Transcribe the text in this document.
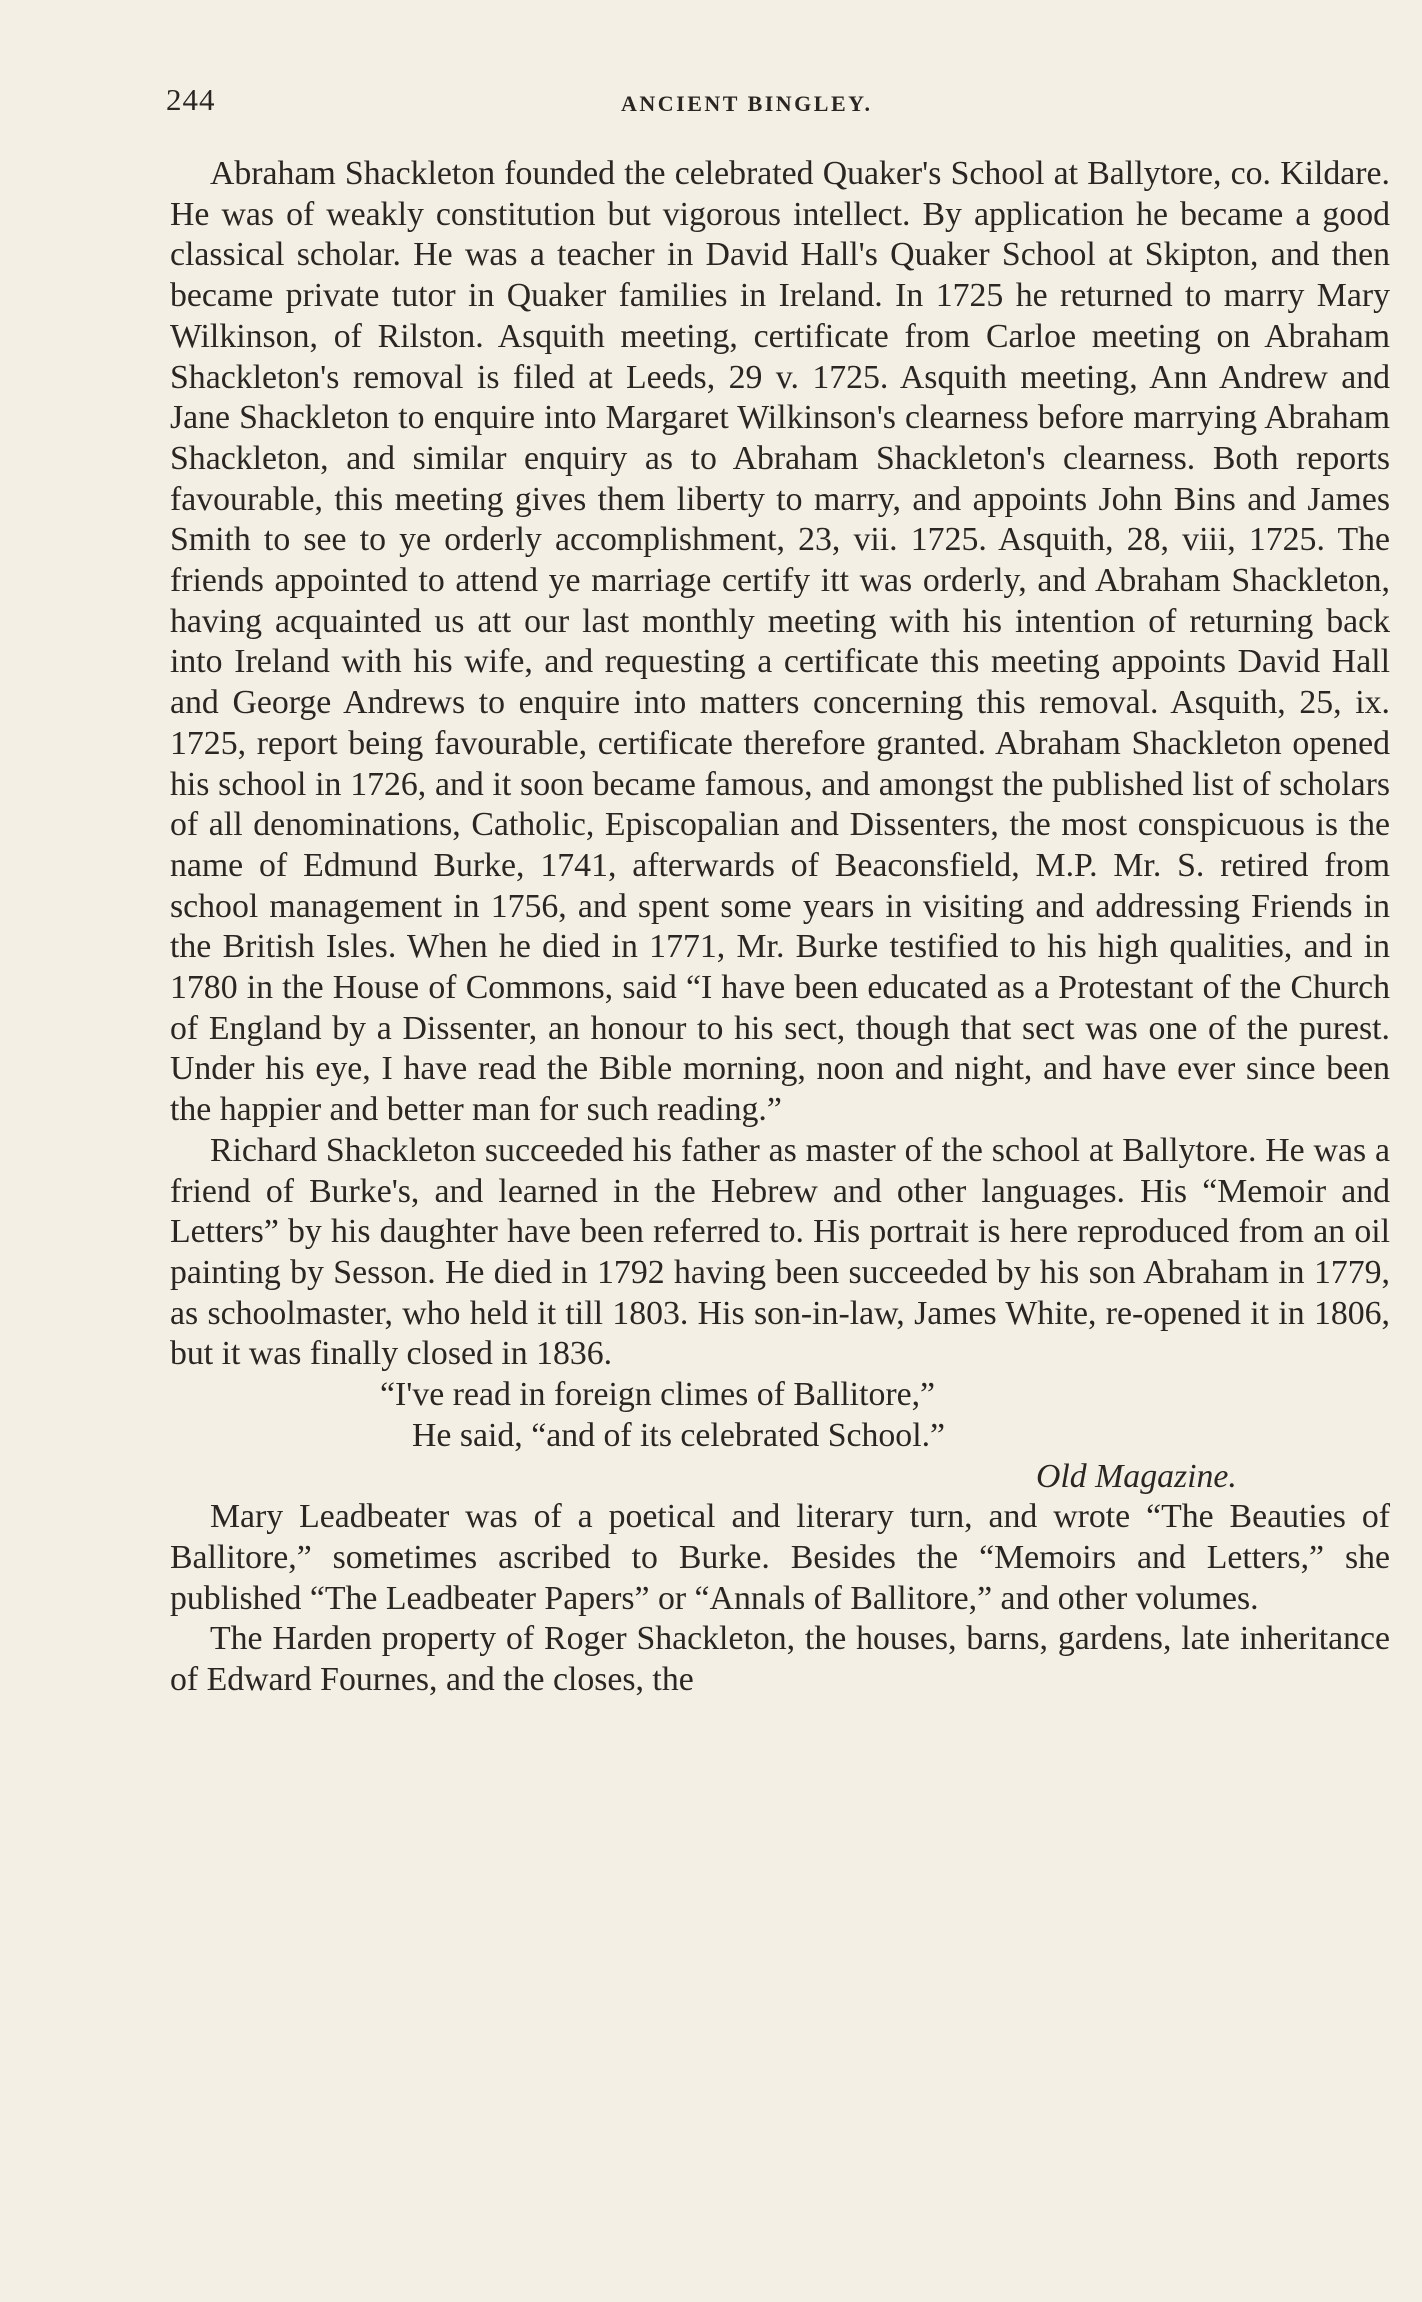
244	ANCIENT BINGLEY.

Abraham Shackleton founded the celebrated Quaker's School at Ballytore, co. Kildare. He was of weakly constitution but vigorous intellect. By application he became a good classical scholar. He was a teacher in David Hall's Quaker School at Skipton, and then became private tutor in Quaker families in Ireland. In 1725 he returned to marry Mary Wilkinson, of Rilston. Asquith meeting, certificate from Carloe meeting on Abraham Shackleton's removal is filed at Leeds, 29 v. 1725. Asquith meeting, Ann Andrew and Jane Shackleton to enquire into Margaret Wilkinson's clearness before marrying Abraham Shackleton, and similar enquiry as to Abraham Shackleton's clearness. Both reports favourable, this meeting gives them liberty to marry, and appoints John Bins and James Smith to see to ye orderly accomplishment, 23, vii. 1725. Asquith, 28, viii, 1725. The friends appointed to attend ye marriage certify itt was orderly, and Abraham Shackleton, having acquainted us att our last monthly meeting with his intention of returning back into Ireland with his wife, and requesting a certificate this meeting appoints David Hall and George Andrews to enquire into matters concerning this removal. Asquith, 25, ix. 1725, report being favourable, certificate therefore granted. Abraham Shackleton opened his school in 1726, and it soon became famous, and amongst the published list of scholars of all denominations, Catholic, Episcopalian and Dissenters, the most conspicuous is the name of Edmund Burke, 1741, afterwards of Beaconsfield, M.P. Mr. S. retired from school management in 1756, and spent some years in visiting and addressing Friends in the British Isles. When he died in 1771, Mr. Burke testified to his high qualities, and in 1780 in the House of Commons, said “I have been educated as a Protestant of the Church of England by a Dissenter, an honour to his sect, though that sect was one of the purest. Under his eye, I have read the Bible morning, noon and night, and have ever since been the happier and better man for such reading.”

Richard Shackleton succeeded his father as master of the school at Ballytore. He was a friend of Burke's, and learned in the Hebrew and other languages. His “Memoir and Letters” by his daughter have been referred to. His portrait is here reproduced from an oil painting by Sesson. He died in 1792 having been succeeded by his son Abraham in 1779, as schoolmaster, who held it till 1803. His son-in-law, James White, re-opened it in 1806, but it was finally closed in 1836.

“I've read in foreign climes of Ballitore,”
He said, “and of its celebrated School.”
Old Magazine.

Mary Leadbeater was of a poetical and literary turn, and wrote “The Beauties of Ballitore,” sometimes ascribed to Burke. Besides the “Memoirs and Letters,” she published “The Leadbeater Papers” or “Annals of Ballitore,” and other volumes.

The Harden property of Roger Shackleton, the houses, barns, gardens, late inheritance of Edward Fournes, and the closes, the
